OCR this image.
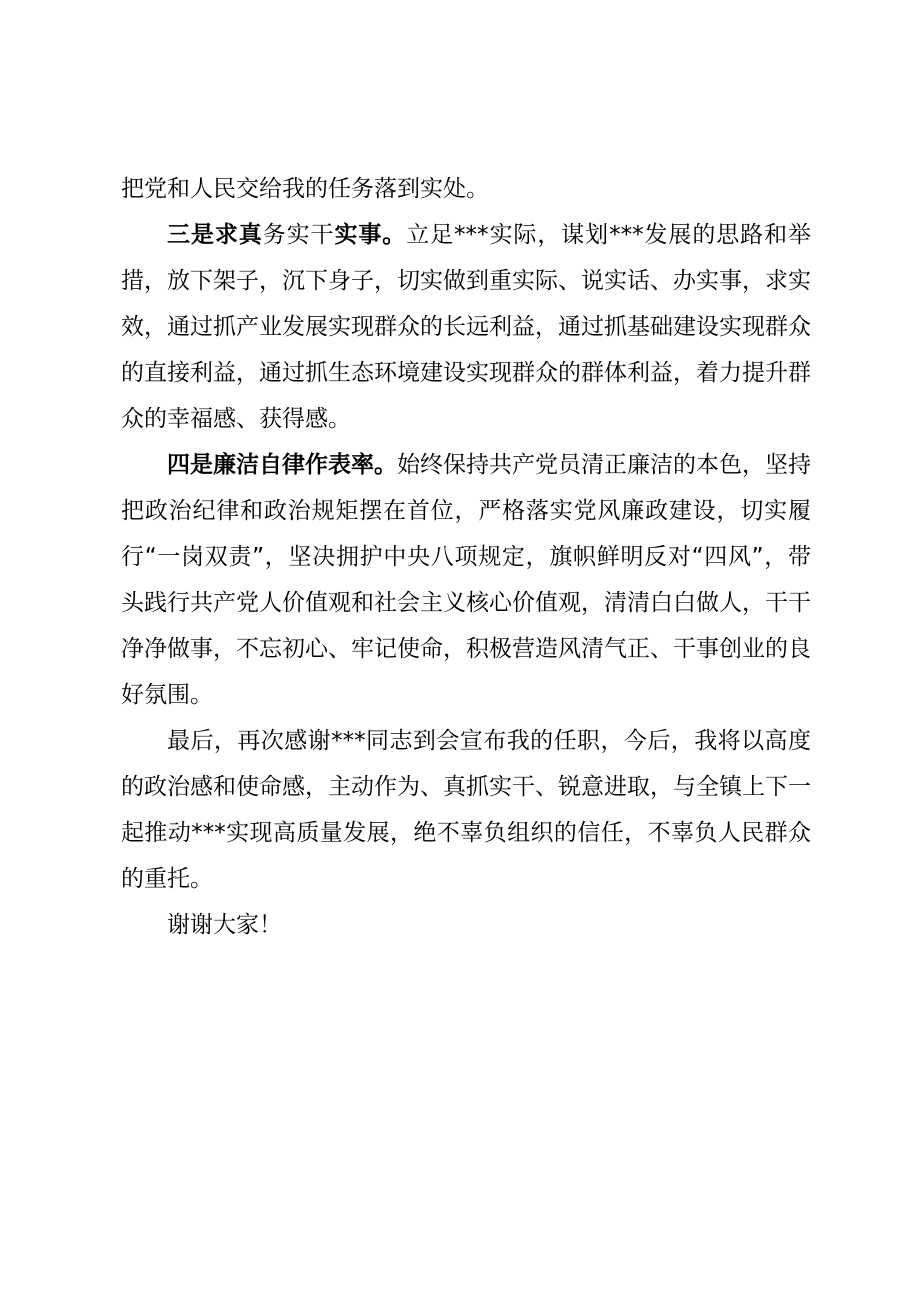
把党和人民交给我的任务落到实处。

三是求真务实干实事。立足***实际，谋划***发展的思路和举措，放下架子，沉下身子，切实做到重实际、说实话、办实事，求实效，通过抓产业发展实现群众的长远利益，通过抓基础建设实现群众的直接利益，通过抓生态环境建设实现群众的群体利益，着力提升群众的幸福感、获得感。

四是廉洁自律作表率。始终保持共产党员清正廉洁的本色，坚持把政治纪律和政治规矩摆在首位，严格落实党风廉政建设，切实履行“一岗双责”，坚决拥护中央八项规定，旗帜鲜明反对“四风”，带头践行共产党人价值观和社会主义核心价值观，清清白白做人，干干净净做事，不忘初心、牢记使命，积极营造风清气正、干事创业的良好氛围。

最后，再次感谢***同志到会宣布我的任职，今后，我将以高度的政治感和使命感，主动作为、真抓实干、锐意进取，与全镇上下一起推动***实现高质量发展，绝不辜负组织的信任，不辜负人民群众的重托。

谢谢大家！
